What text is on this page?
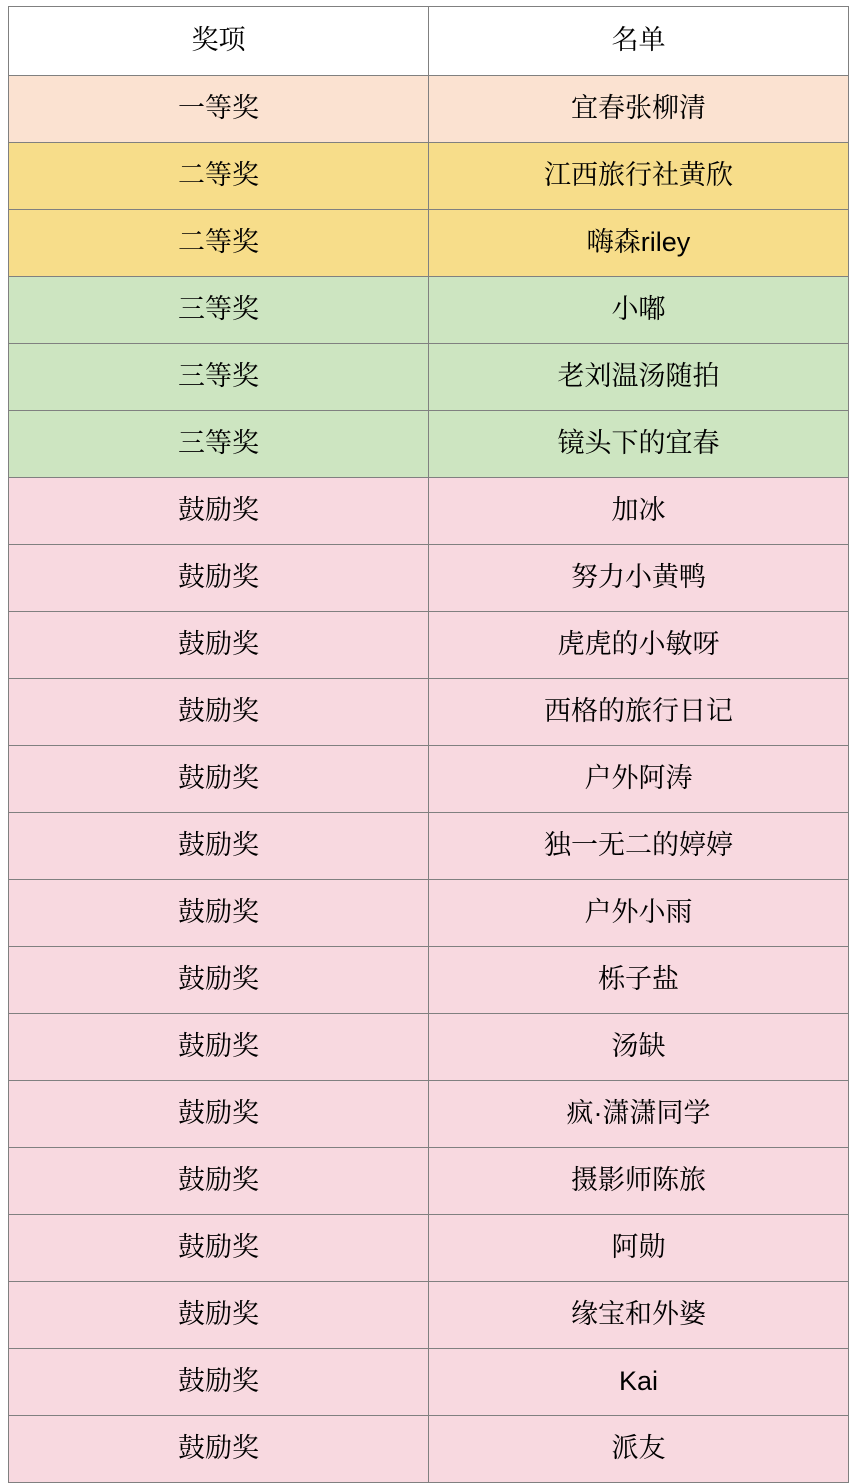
奖项	名单
一等奖	宜春张柳清
二等奖	江西旅行社黄欣
二等奖	嗨森riley
三等奖	小嘟
三等奖	老刘温汤随拍
三等奖	镜头下的宜春
鼓励奖	加冰
鼓励奖	努力小黄鸭
鼓励奖	虎虎的小敏呀
鼓励奖	西格的旅行日记
鼓励奖	户外阿涛
鼓励奖	独一无二的婷婷
鼓励奖	户外小雨
鼓励奖	栎子盐
鼓励奖	汤缺
鼓励奖	疯·潇潇同学
鼓励奖	摄影师陈旅
鼓励奖	阿勋
鼓励奖	缘宝和外婆
鼓励奖	Kai
鼓励奖	派友
